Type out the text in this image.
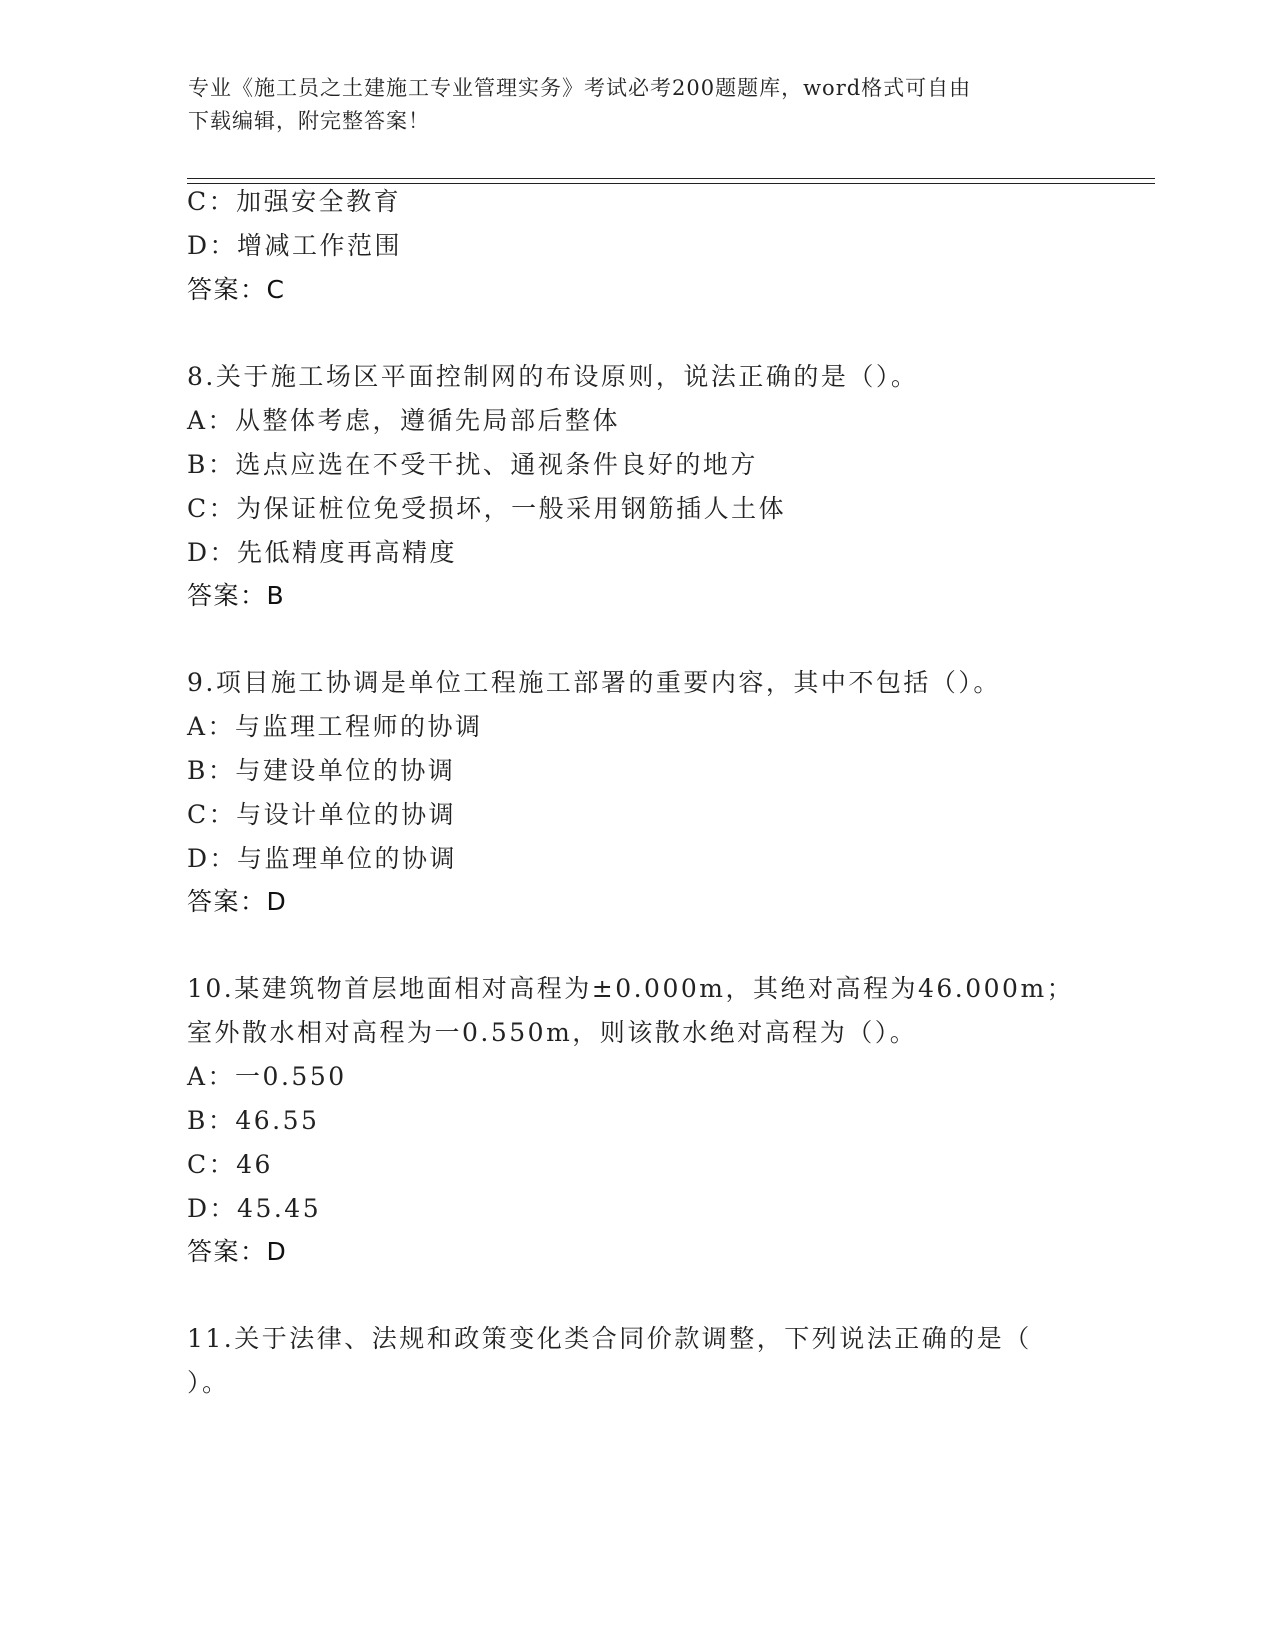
专业《施工员之土建施工专业管理实务》考试必考200题题库，word格式可自由
下载编辑，附完整答案！
C：加强安全教育
D：增减工作范围
答案：C
8.关于施工场区平面控制网的布设原则，说法正确的是（）。
A：从整体考虑，遵循先局部后整体
B：选点应选在不受干扰、通视条件良好的地方
C：为保证桩位免受损坏，一般采用钢筋插人土体
D：先低精度再高精度
答案：B
9.项目施工协调是单位工程施工部署的重要内容，其中不包括（）。
A：与监理工程师的协调
B：与建设单位的协调
C：与设计单位的协调
D：与监理单位的协调
答案：D
10.某建筑物首层地面相对高程为±0.000m，其绝对高程为46.000m；
室外散水相对高程为一0.550m，则该散水绝对高程为（）。
A：一0.550
B：46.55
C：46
D：45.45
答案：D
11.关于法律、法规和政策变化类合同价款调整，下列说法正确的是（
）。
